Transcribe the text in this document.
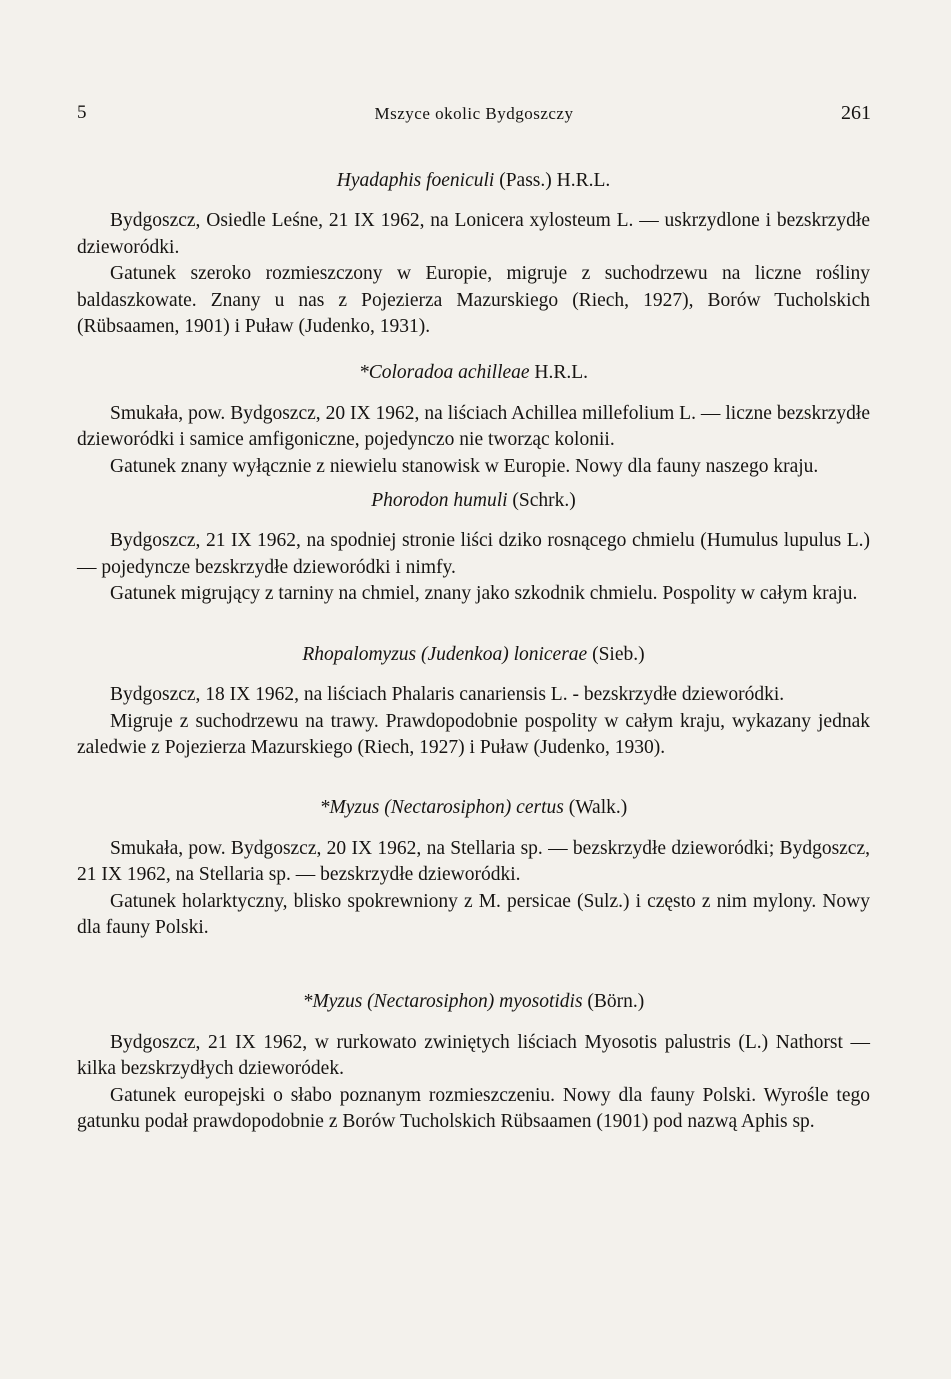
5	Mszyce okolic Bydgoszczy	261
Hyadaphis foeniculi (Pass.) H.R.L.

Bydgoszcz, Osiedle Leśne, 21 IX 1962, na Lonicera xylosteum L. — uskrzydlone i bezskrzydłe dzieworódki.

Gatunek szeroko rozmieszczony w Europie, migruje z suchodrzewu na liczne rośliny baldaszkowate. Znany u nas z Pojezierza Mazurskiego (Riech, 1927), Borów Tucholskich (Rübsaamen, 1901) i Puław (Judenko, 1931).

*Coloradoa achilleae H.R.L.

Smukała, pow. Bydgoszcz, 20 IX 1962, na liściach Achillea millefolium L. — liczne bezskrzydłe dzieworódki i samice amfigoniczne, pojedynczo nie tworząc kolonii.

Gatunek znany wyłącznie z niewielu stanowisk w Europie. Nowy dla fauny naszego kraju.

Phorodon humuli (Schrk.)

Bydgoszcz, 21 IX 1962, na spodniej stronie liści dziko rosnącego chmielu (Humulus lupulus L.) — pojedyncze bezskrzydłe dzieworódki i nimfy.

Gatunek migrujący z tarniny na chmiel, znany jako szkodnik chmielu. Pospolity w całym kraju.

Rhopalomyzus (Judenkoa) lonicerae (Sieb.)

Bydgoszcz, 18 IX 1962, na liściach Phalaris canariensis L. - bezskrzydłe dzieworódki.

Migruje z suchodrzewu na trawy. Prawdopodobnie pospolity w całym kraju, wykazany jednak zaledwie z Pojezierza Mazurskiego (Riech, 1927) i Puław (Judenko, 1930).

*Myzus (Nectarosiphon) certus (Walk.)

Smukała, pow. Bydgoszcz, 20 IX 1962, na Stellaria sp. — bezskrzydłe dzieworódki; Bydgoszcz, 21 IX 1962, na Stellaria sp. — bezskrzydłe dzieworódki.

Gatunek holarktyczny, blisko spokrewniony z M. persicae (Sulz.) i często z nim mylony. Nowy dla fauny Polski.

*Myzus (Nectarosiphon) myosotidis (Börn.)

Bydgoszcz, 21 IX 1962, w rurkowato zwiniętych liściach Myosotis palustris (L.) Nathorst — kilka bezskrzydłych dzieworódek.

Gatunek europejski o słabo poznanym rozmieszczeniu. Nowy dla fauny Polski. Wyrośle tego gatunku podał prawdopodobnie z Borów Tucholskich Rübsaamen (1901) pod nazwą Aphis sp.
